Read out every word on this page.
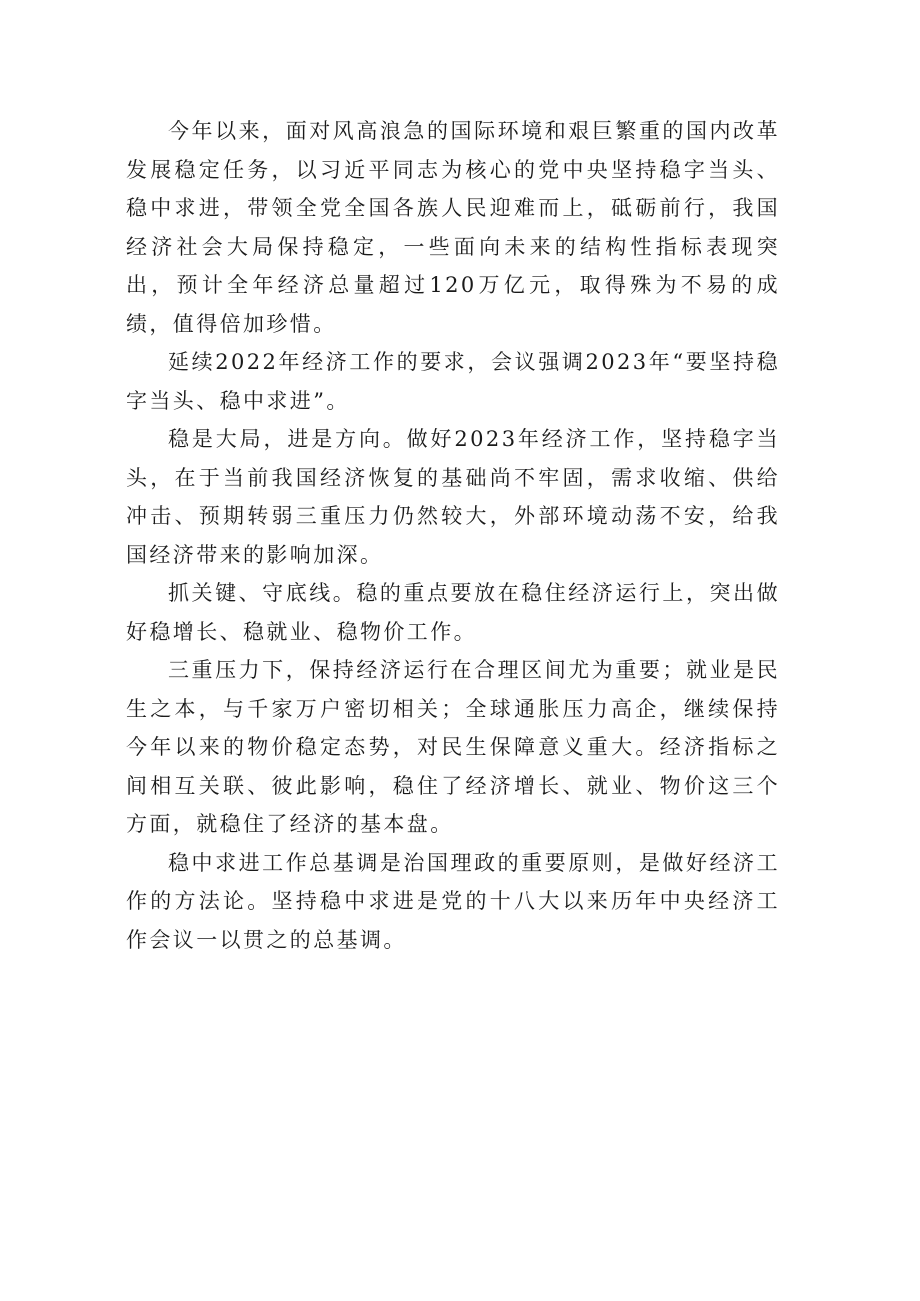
今年以来，面对风高浪急的国际环境和艰巨繁重的国内改革发展稳定任务，以习近平同志为核心的党中央坚持稳字当头、稳中求进，带领全党全国各族人民迎难而上，砥砺前行，我国经济社会大局保持稳定，一些面向未来的结构性指标表现突出，预计全年经济总量超过120万亿元，取得殊为不易的成绩，值得倍加珍惜。

延续2022年经济工作的要求，会议强调2023年“要坚持稳字当头、稳中求进”。

稳是大局，进是方向。做好2023年经济工作，坚持稳字当头，在于当前我国经济恢复的基础尚不牢固，需求收缩、供给冲击、预期转弱三重压力仍然较大，外部环境动荡不安，给我国经济带来的影响加深。

抓关键、守底线。稳的重点要放在稳住经济运行上，突出做好稳增长、稳就业、稳物价工作。

三重压力下，保持经济运行在合理区间尤为重要；就业是民生之本，与千家万户密切相关；全球通胀压力高企，继续保持今年以来的物价稳定态势，对民生保障意义重大。经济指标之间相互关联、彼此影响，稳住了经济增长、就业、物价这三个方面，就稳住了经济的基本盘。

稳中求进工作总基调是治国理政的重要原则，是做好经济工作的方法论。坚持稳中求进是党的十八大以来历年中央经济工作会议一以贯之的总基调。
